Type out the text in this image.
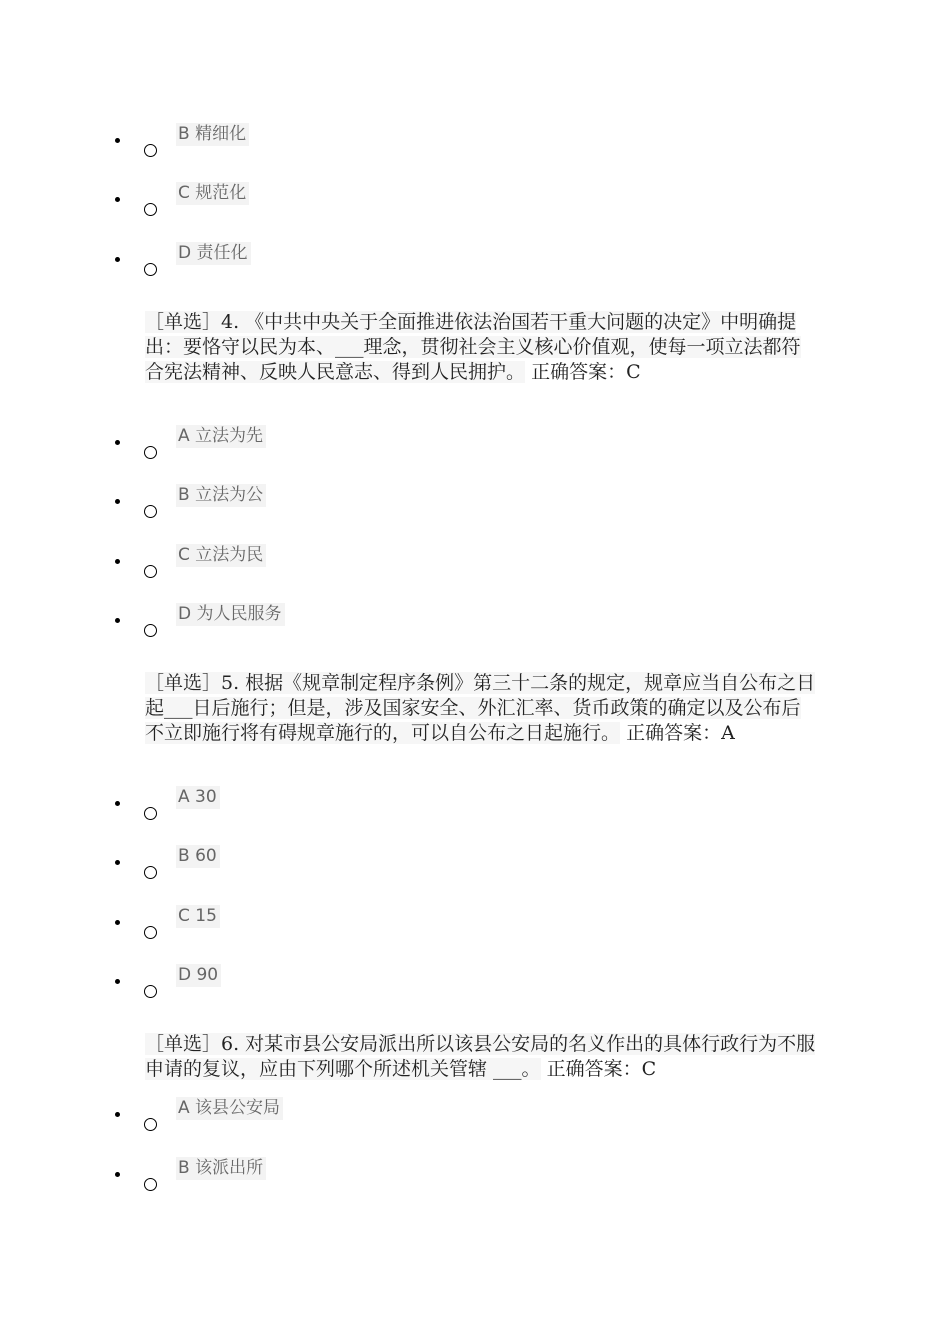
B 精细化
C 规范化
D 责任化
［单选］4. 《中共中央关于全面推进依法治国若干重大问题的决定》中明确提出：要恪守以民为本、___理念，贯彻社会主义核心价值观，使每一项立法都符合宪法精神、反映人民意志、得到人民拥护。 正确答案：C
A 立法为先
B 立法为公
C 立法为民
D 为人民服务
［单选］5. 根据《规章制定程序条例》第三十二条的规定，规章应当自公布之日起___日后施行；但是，涉及国家安全、外汇汇率、货币政策的确定以及公布后不立即施行将有碍规章施行的，可以自公布之日起施行。 正确答案：A
A 30
B 60
C 15
D 90
［单选］6. 对某市县公安局派出所以该县公安局的名义作出的具体行政行为不服申请的复议，应由下列哪个所述机关管辖 ___。 正确答案：C
A 该县公安局
B 该派出所
